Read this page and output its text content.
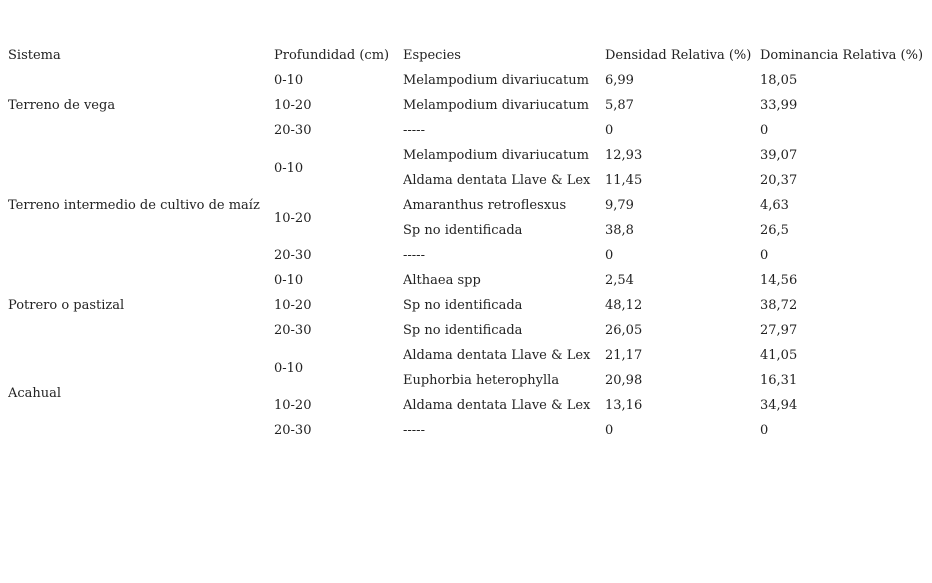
Sistema	Profundidad (cm)	Especies	Densidad Relativa (%)	Dominancia Relativa (%)
Terreno de vega	0-10	Melampodium divariucatum	6,99	18,05
	10-20	Melampodium divariucatum	5,87	33,99
	20-30	-----	0	0
Terreno intermedio de cultivo de maíz	0-10	Melampodium divariucatum	12,93	39,07
		Aldama dentata Llave & Lex	11,45	20,37
	10-20	Amaranthus retroflesxus	9,79	4,63
		Sp no identificada	38,8	26,5
	20-30	-----	0	0
Potrero o pastizal	0-10	Althaea spp	2,54	14,56
	10-20	Sp no identificada	48,12	38,72
	20-30	Sp no identificada	26,05	27,97
Acahual	0-10	Aldama dentata Llave & Lex	21,17	41,05
		Euphorbia heterophylla	20,98	16,31
	10-20	Aldama dentata Llave & Lex	13,16	34,94
	20-30	-----	0	0
